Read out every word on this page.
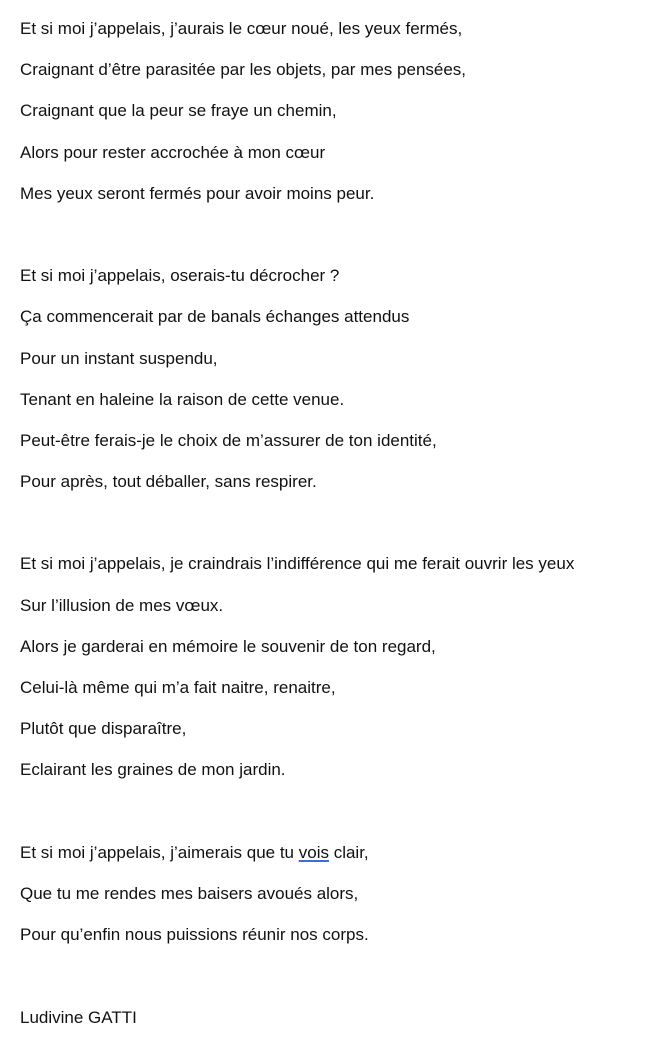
Et si moi j’appelais, j’aurais le cœur noué, les yeux fermés,
Craignant d’être parasitée par les objets, par mes pensées,
Craignant que la peur se fraye un chemin,
Alors pour rester accrochée à mon cœur
Mes yeux seront fermés pour avoir moins peur.
Et si moi j’appelais, oserais-tu décrocher ?
Ça commencerait par de banals échanges attendus
Pour un instant suspendu,
Tenant en haleine la raison de cette venue.
Peut-être ferais-je le choix de m’assurer de ton identité,
Pour après, tout déballer, sans respirer.
Et si moi j’appelais, je craindrais l’indifférence qui me ferait ouvrir les yeux
Sur l’illusion de mes vœux.
Alors je garderai en mémoire le souvenir de ton regard,
Celui-là même qui m’a fait naitre, renaitre,
Plutôt que disparaître,
Eclairant les graines de mon jardin.
Et si moi j’appelais, j’aimerais que tu vois clair,
Que tu me rendes mes baisers avoués alors,
Pour qu’enfin nous puissions réunir nos corps.
Ludivine GATTI
